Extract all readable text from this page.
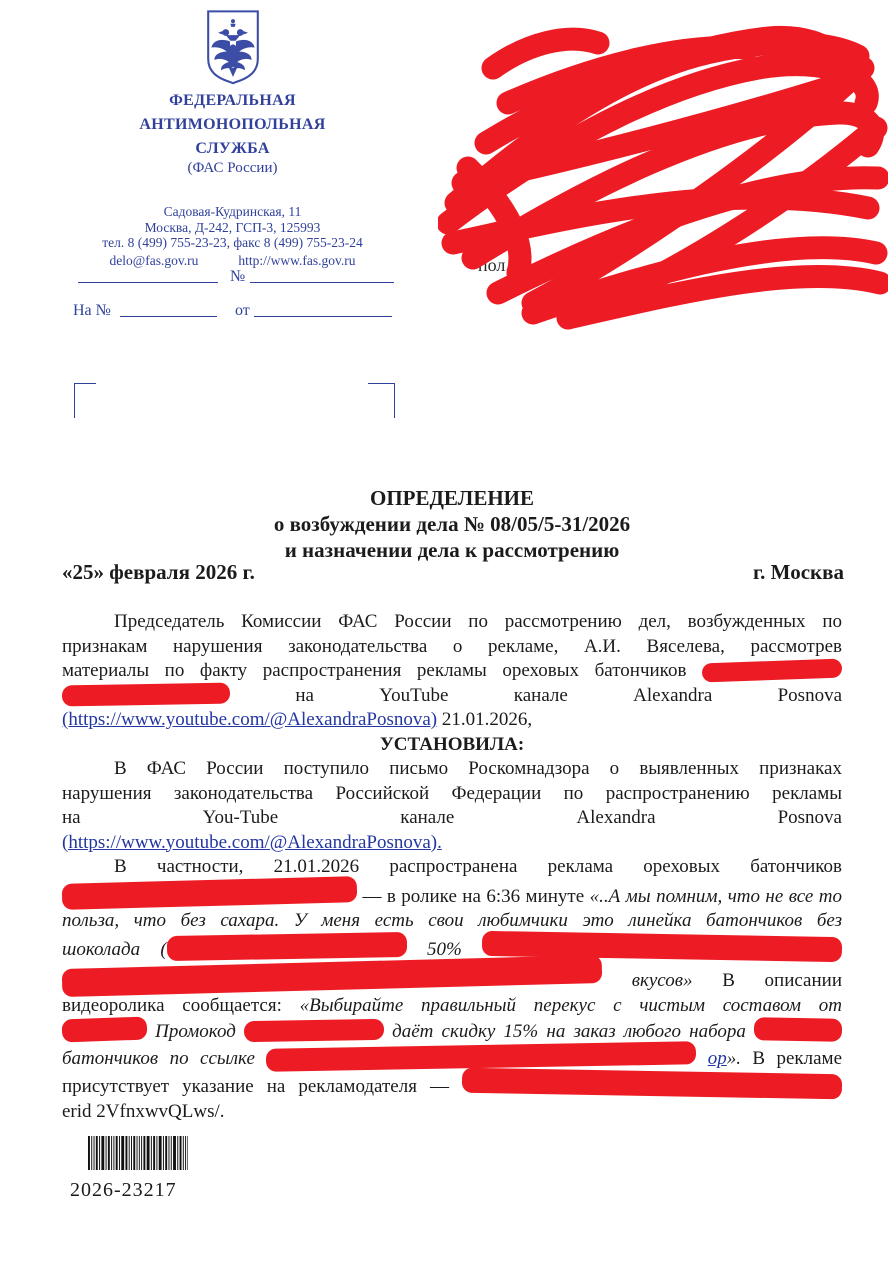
пол.в.
ФЕДЕРАЛЬНАЯ
АНТИМОНОПОЛЬНАЯ
СЛУЖБА
(ФАС России)
Садовая-Кудринская, 11
Москва, Д-242, ГСП-3, 125993
тел. 8 (499) 755-23-23, факс 8 (499) 755-23-24
delo@fas.gov.ru	http://www.fas.gov.ru
№
На №	от
ОПРЕДЕЛЕНИЕ
о возбуждении дела № 08/05/5-31/2026
и назначении дела к рассмотрению
«25» февраля 2026 г.	г. Москва
Председатель Комиссии ФАС России по рассмотрению дел, возбужденных по
признакам нарушения законодательства о рекламе, А.И. Вяселева, рассмотрев
материалы по факту распространения рекламы ореховых батончиков
на YouTube канале Alexandra Posnova
(https://www.youtube.com/@AlexandraPosnova) 21.01.2026,
УСТАНОВИЛА:
В ФАС России поступило письмо Роскомнадзора о выявленных признаках
нарушения законодательства Российской Федерации по распространению рекламы
на You-Tube канале Alexandra Posnova
(https://www.youtube.com/@AlexandraPosnova).
В частности, 21.01.2026 распространена реклама ореховых батончиков
— в ролике на 6:36 минуте «..А мы помним, что не все то
польза, что без сахара. У меня есть свои любимчики это линейка батончиков без
шоколада (	50%
вкусов» В описании
видеоролика сообщается: «Выбирайте правильный перекус с чистым составом от
Промокод	даёт скидку 15% на заказ любого набора
батончиков по ссылке	ор». В рекламе
присутствует указание на рекламодателя —
erid 2VfnxwvQLws/.
2026-23217
